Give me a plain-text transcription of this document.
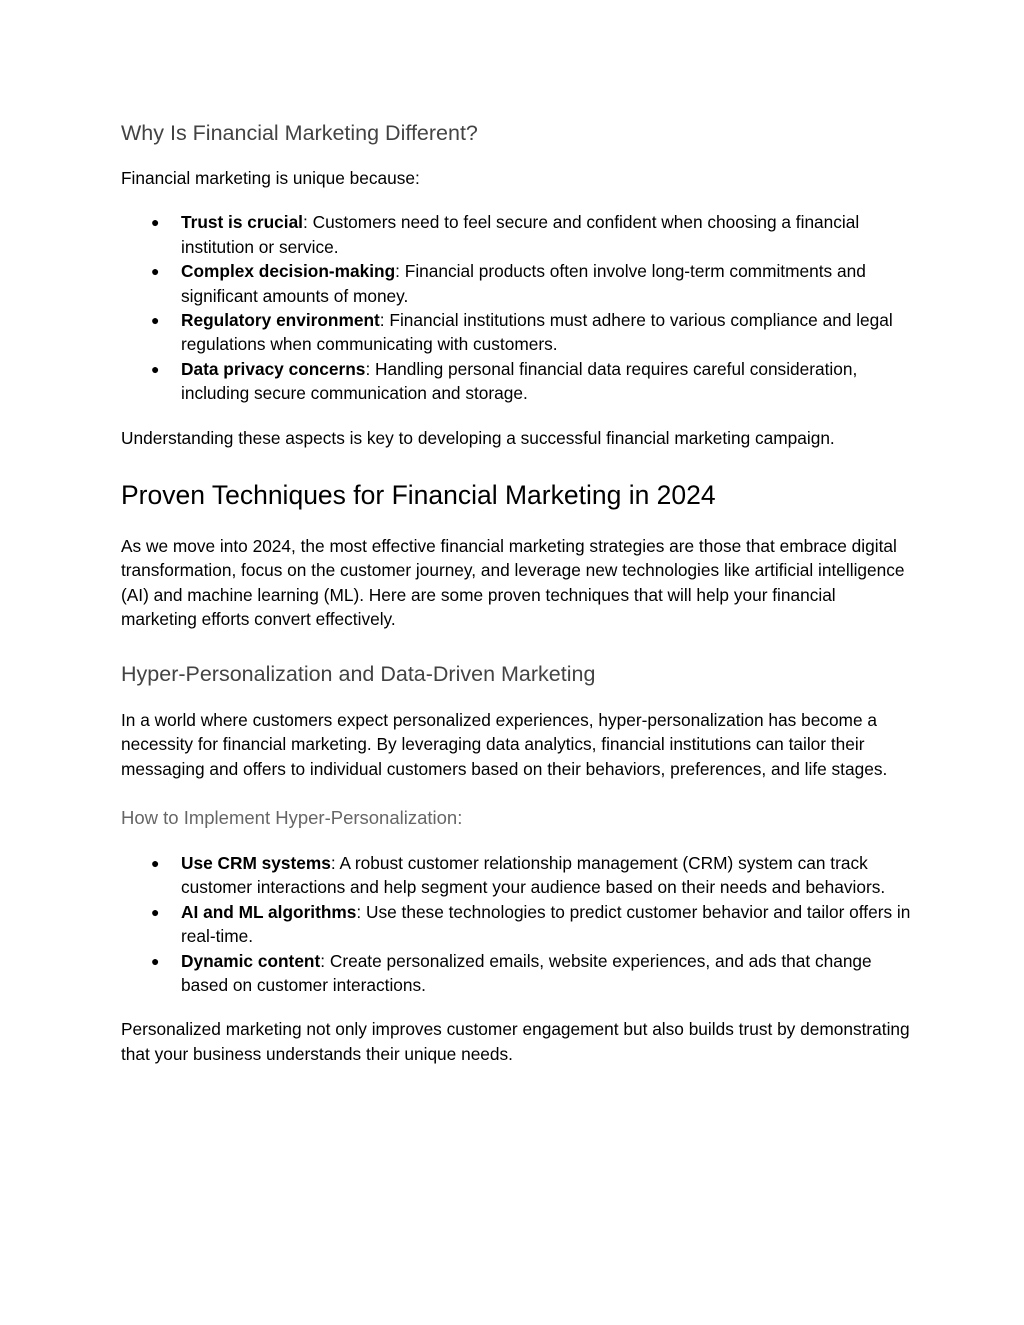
Why Is Financial Marketing Different?

Financial marketing is unique because:

● Trust is crucial: Customers need to feel secure and confident when choosing a financial institution or service.
● Complex decision-making: Financial products often involve long-term commitments and significant amounts of money.
● Regulatory environment: Financial institutions must adhere to various compliance and legal regulations when communicating with customers.
● Data privacy concerns: Handling personal financial data requires careful consideration, including secure communication and storage.

Understanding these aspects is key to developing a successful financial marketing campaign.

Proven Techniques for Financial Marketing in 2024

As we move into 2024, the most effective financial marketing strategies are those that embrace digital transformation, focus on the customer journey, and leverage new technologies like artificial intelligence (AI) and machine learning (ML). Here are some proven techniques that will help your financial marketing efforts convert effectively.

Hyper-Personalization and Data-Driven Marketing

In a world where customers expect personalized experiences, hyper-personalization has become a necessity for financial marketing. By leveraging data analytics, financial institutions can tailor their messaging and offers to individual customers based on their behaviors, preferences, and life stages.

How to Implement Hyper-Personalization:
● Use CRM systems: A robust customer relationship management (CRM) system can track customer interactions and help segment your audience based on their needs and behaviors.
● AI and ML algorithms: Use these technologies to predict customer behavior and tailor offers in real-time.
● Dynamic content: Create personalized emails, website experiences, and ads that change based on customer interactions.

Personalized marketing not only improves customer engagement but also builds trust by demonstrating that your business understands their unique needs.
